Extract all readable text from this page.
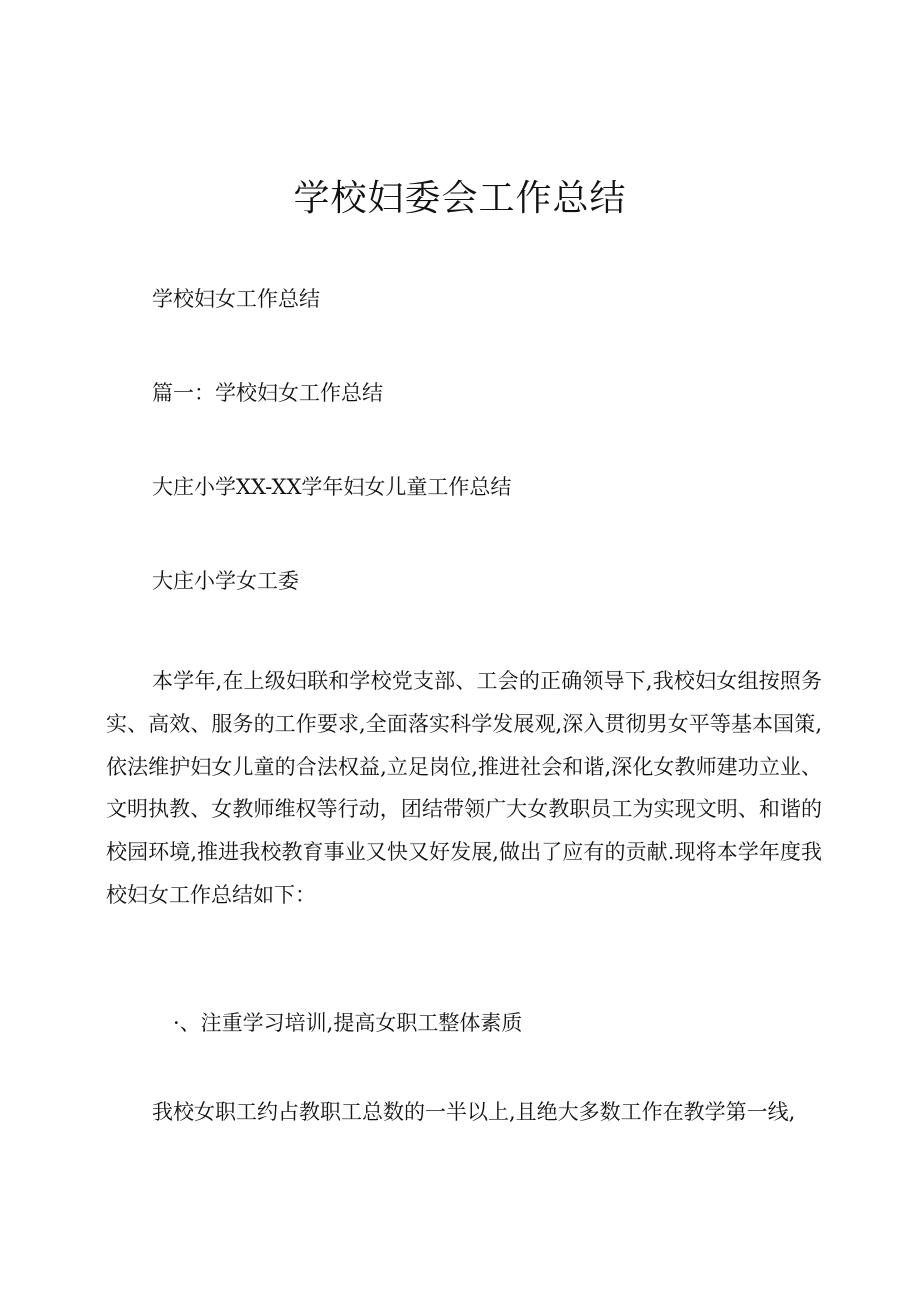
学校妇委会工作总结

学校妇女工作总结

篇一：学校妇女工作总结

大庄小学XX-XX学年妇女儿童工作总结

大庄小学女工委

本学年,在上级妇联和学校党支部、工会的正确领导下,我校妇女组按照务实、高效、服务的工作要求,全面落实科学发展观,深入贯彻男女平等基本国策,依法维护妇女儿童的合法权益,立足岗位,推进社会和谐,深化女教师建功立业、文明执教、女教师维权等行动，团结带领广大女教职员工为实现文明、和谐的校园环境,推进我校教育事业又快又好发展,做出了应有的贡献.现将本学年度我校妇女工作总结如下：

·、注重学习培训,提高女职工整体素质

我校女职工约占教职工总数的一半以上,且绝大多数工作在教学第一线,
